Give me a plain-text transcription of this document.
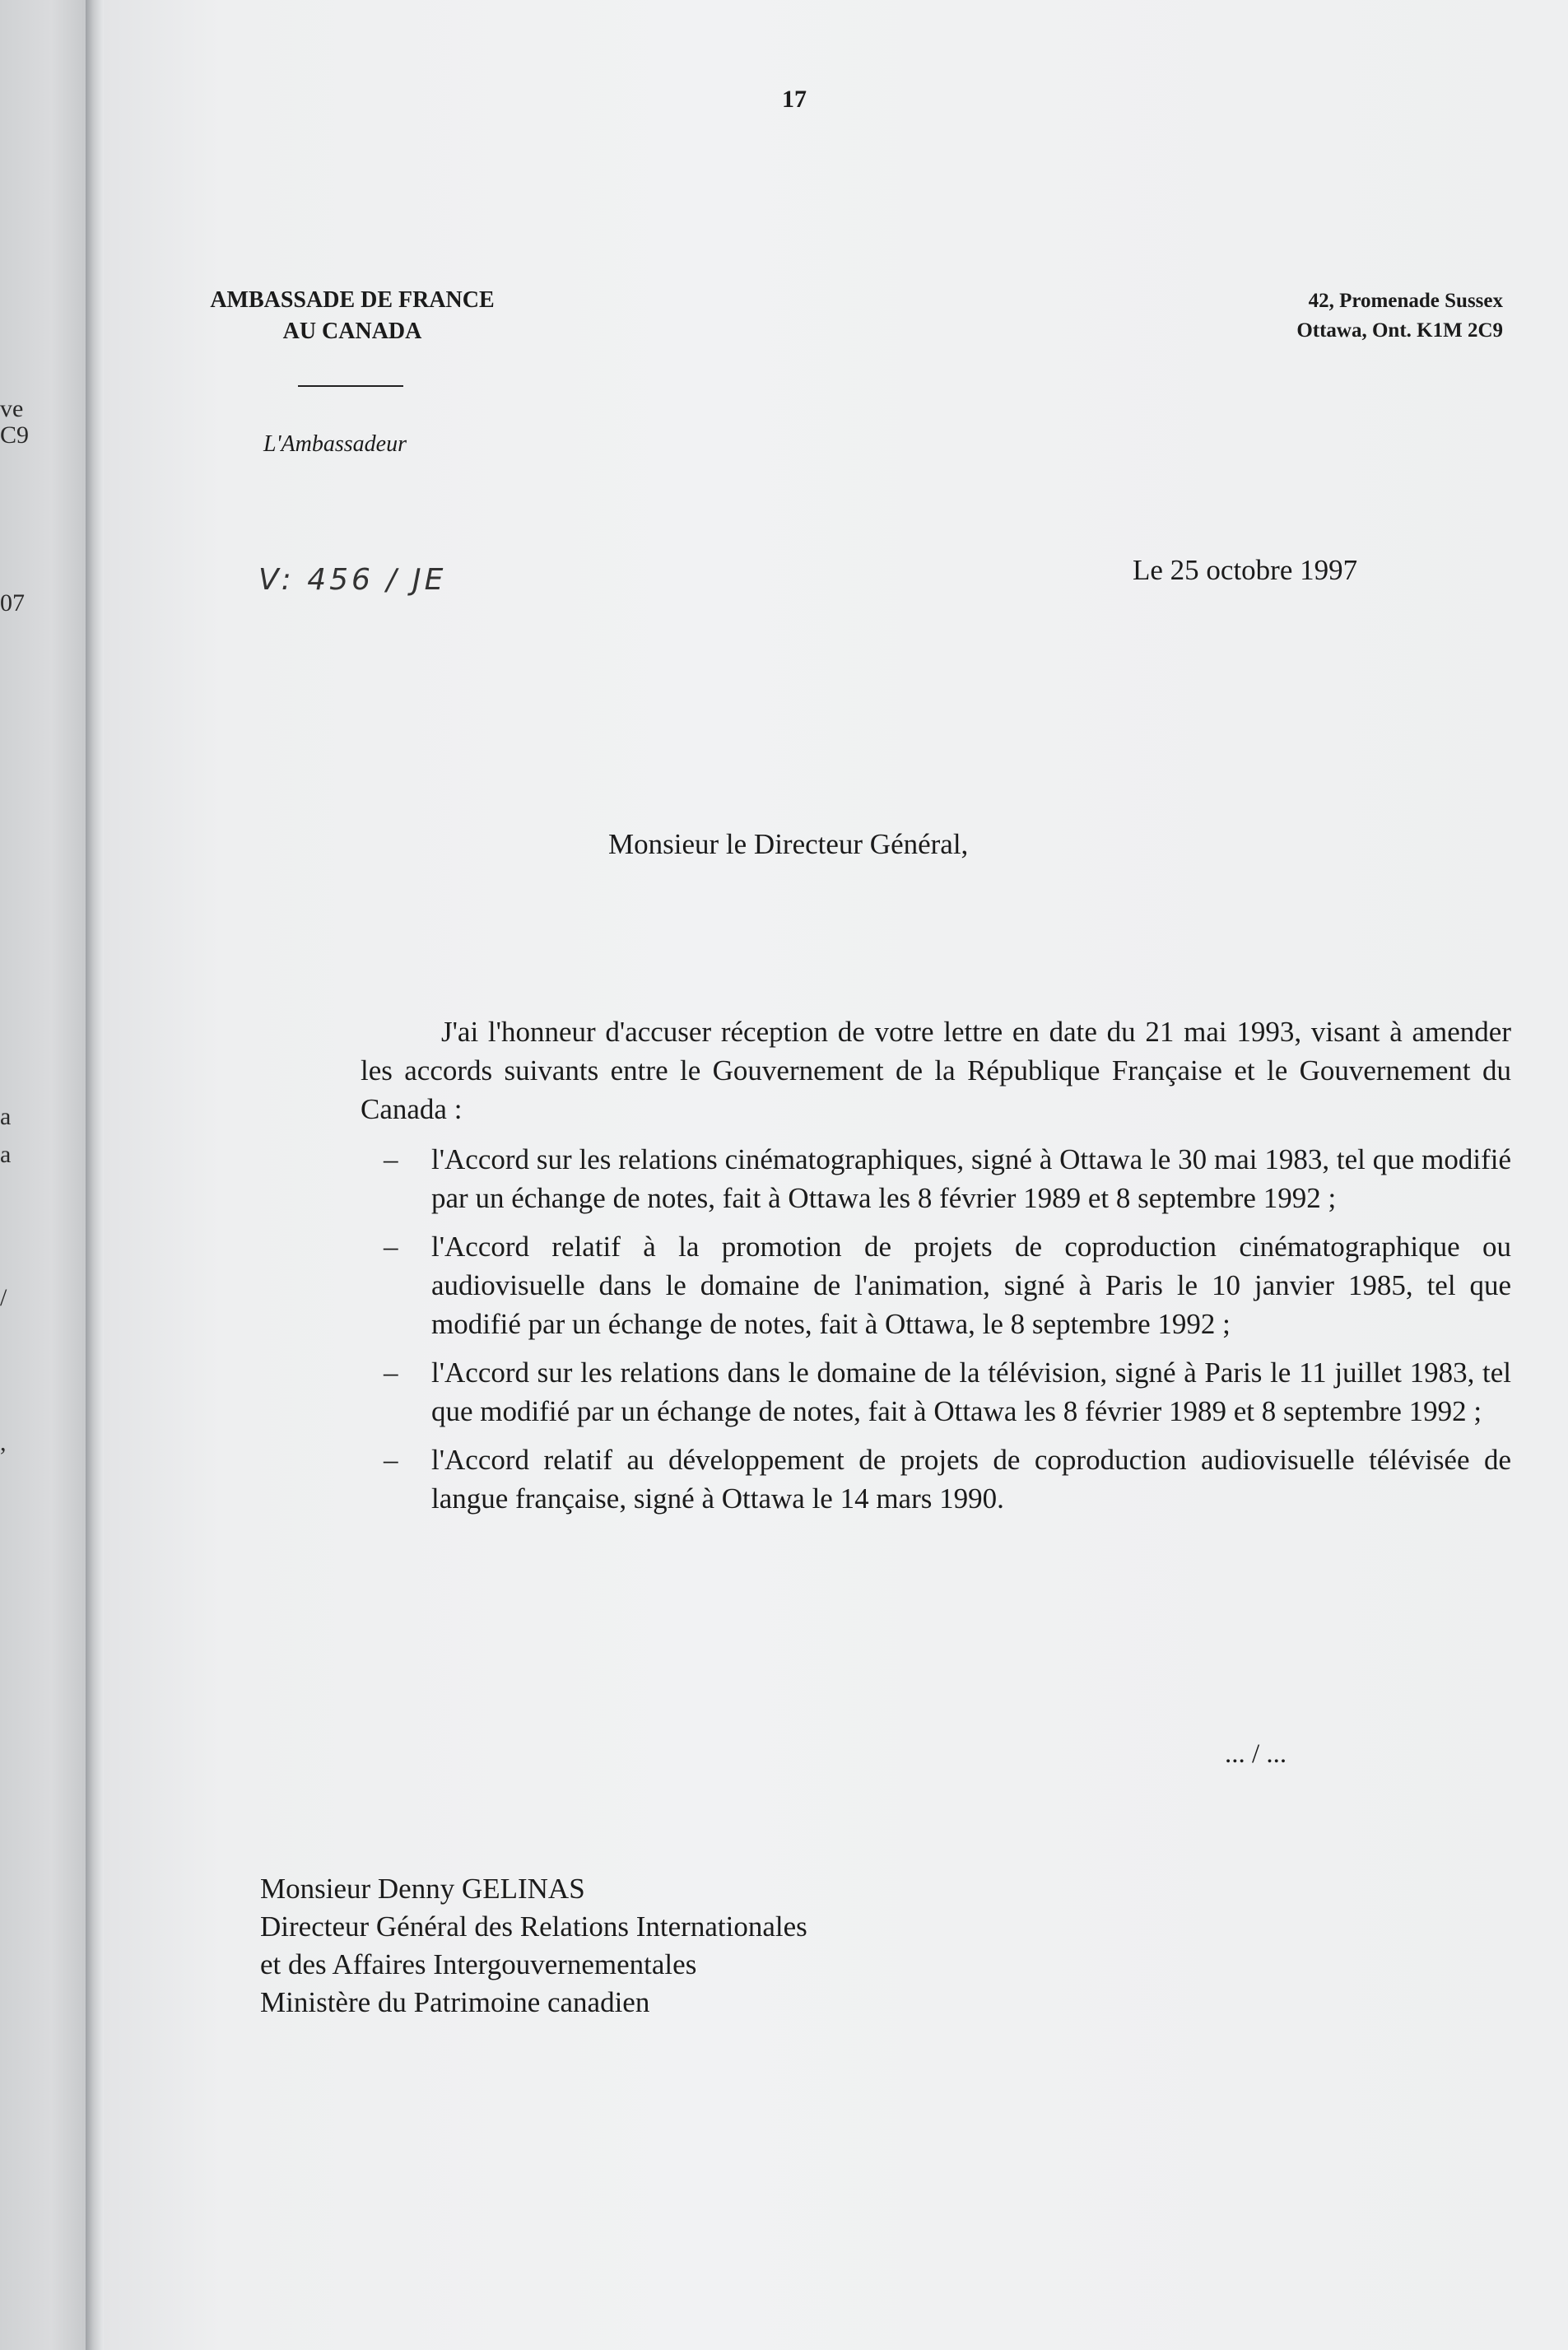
ve
C9
07
a
a
/
,
17
AMBASSADE DE FRANCE
AU CANADA
L'Ambassadeur
42, Promenade Sussex
Ottawa, Ont. K1M 2C9
V: 456 / JE	Le 25 octobre 1997
Monsieur le Directeur Général,

J'ai l'honneur d'accuser réception de votre lettre en date du 21 mai 1993, visant à amender les accords suivants entre le Gouvernement de la République Française et le Gouvernement du Canada :

– l'Accord sur les relations cinématographiques, signé à Ottawa le 30 mai 1983, tel que modifié par un échange de notes, fait à Ottawa les 8 février 1989 et 8 septembre 1992 ;
– l'Accord relatif à la promotion de projets de coproduction cinématographique ou audiovisuelle dans le domaine de l'animation, signé à Paris le 10 janvier 1985, tel que modifié par un échange de notes, fait à Ottawa, le 8 septembre 1992 ;
– l'Accord sur les relations dans le domaine de la télévision, signé à Paris le 11 juillet 1983, tel que modifié par un échange de notes, fait à Ottawa les 8 février 1989 et 8 septembre 1992 ;
– l'Accord relatif au développement de projets de coproduction audiovisuelle télévisée de langue française, signé à Ottawa le 14 mars 1990.
... / ...
Monsieur Denny GELINAS
Directeur Général des Relations Internationales
et des Affaires Intergouvernementales
Ministère du Patrimoine canadien
